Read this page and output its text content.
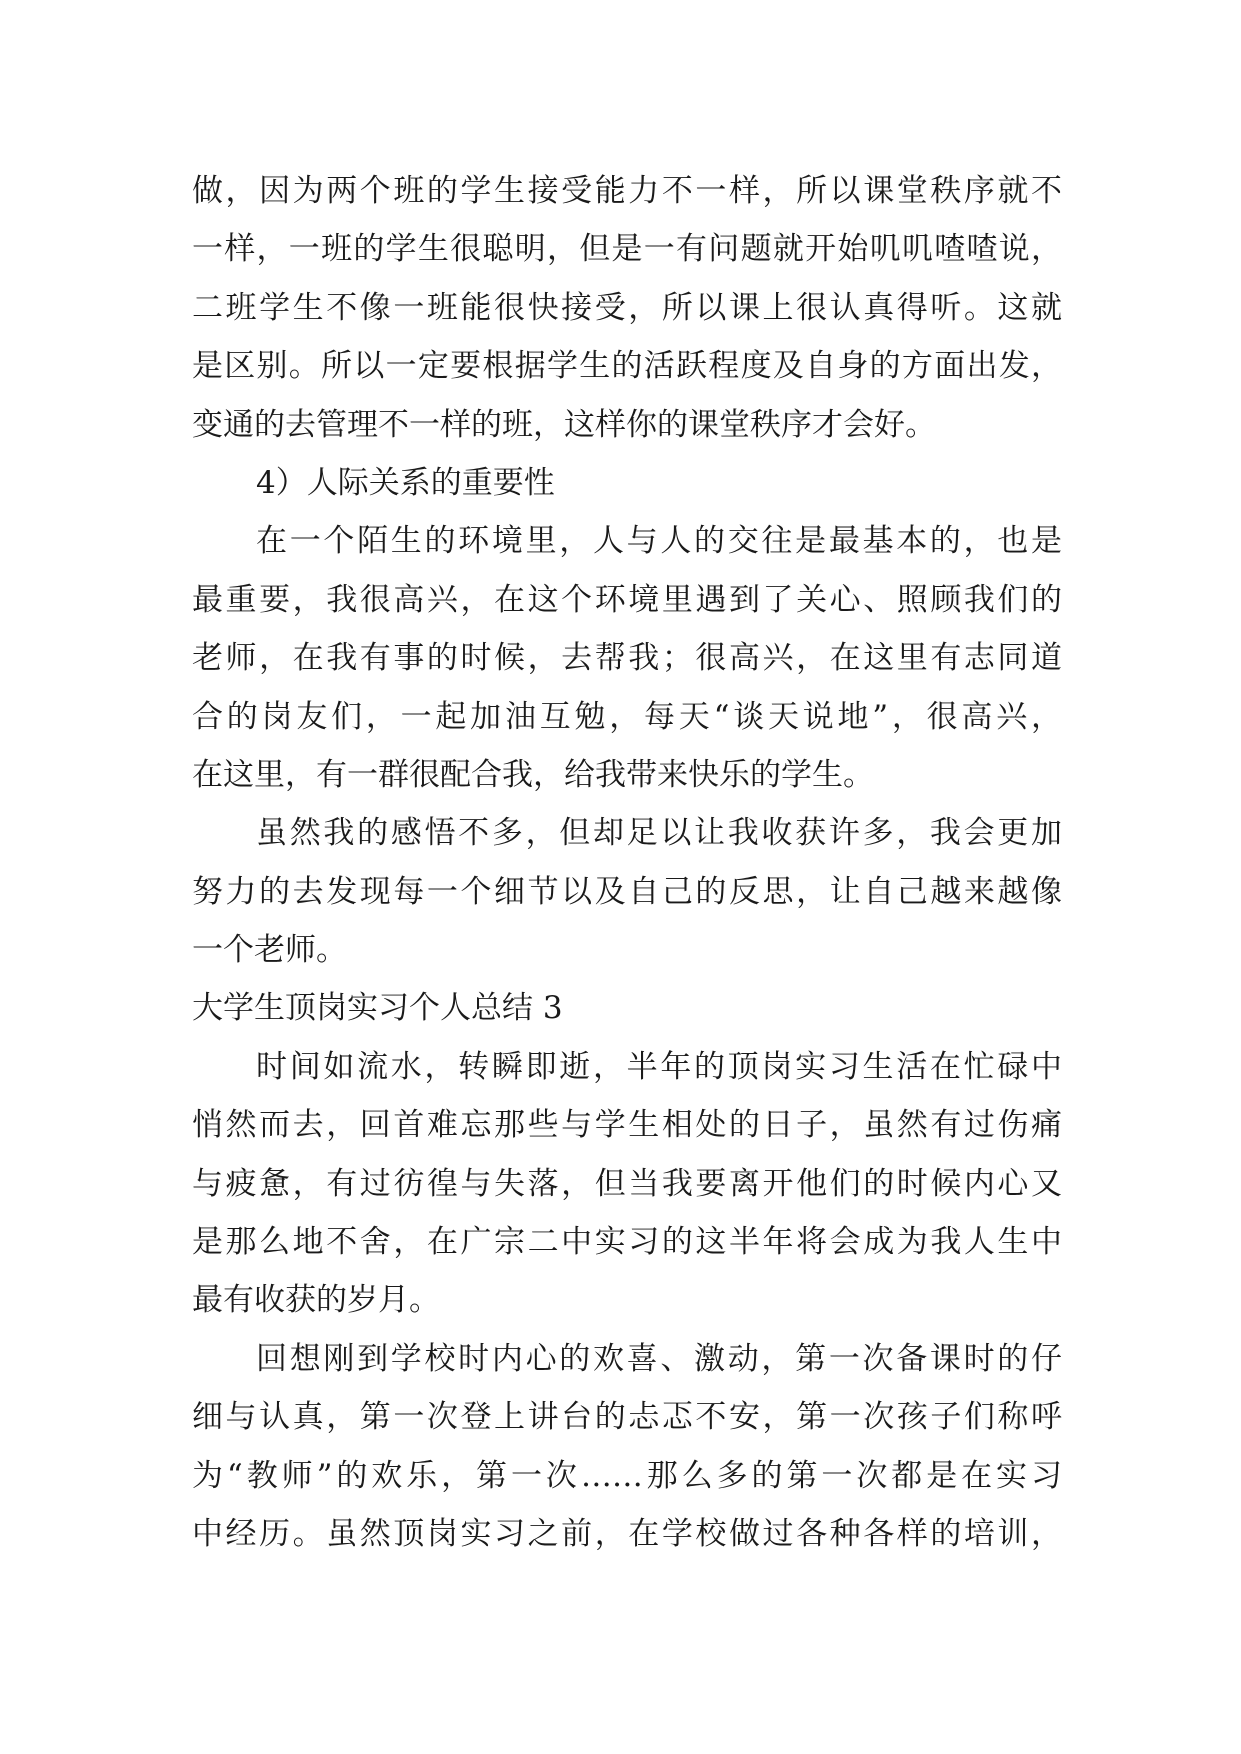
做，因为两个班的学生接受能力不一样，所以课堂秩序就不
一样，一班的学生很聪明，但是一有问题就开始叽叽喳喳说，
二班学生不像一班能很快接受，所以课上很认真得听。这就
是区别。所以一定要根据学生的活跃程度及自身的方面出发，
变通的去管理不一样的班，这样你的课堂秩序才会好。
4）人际关系的重要性
在一个陌生的环境里，人与人的交往是最基本的，也是
最重要，我很高兴，在这个环境里遇到了关心、照顾我们的
老师，在我有事的时候，去帮我；很高兴，在这里有志同道
合的岗友们，一起加油互勉，每天“谈天说地”，很高兴，
在这里，有一群很配合我，给我带来快乐的学生。
虽然我的感悟不多，但却足以让我收获许多，我会更加
努力的去发现每一个细节以及自己的反思，让自己越来越像
一个老师。
大学生顶岗实习个人总结 3
时间如流水，转瞬即逝，半年的顶岗实习生活在忙碌中
悄然而去，回首难忘那些与学生相处的日子，虽然有过伤痛
与疲惫，有过彷徨与失落，但当我要离开他们的时候内心又
是那么地不舍，在广宗二中实习的这半年将会成为我人生中
最有收获的岁月。
回想刚到学校时内心的欢喜、激动，第一次备课时的仔
细与认真，第一次登上讲台的忐忑不安，第一次孩子们称呼
为“教师”的欢乐，第一次……那么多的第一次都是在实习
中经历。虽然顶岗实习之前，在学校做过各种各样的培训，
